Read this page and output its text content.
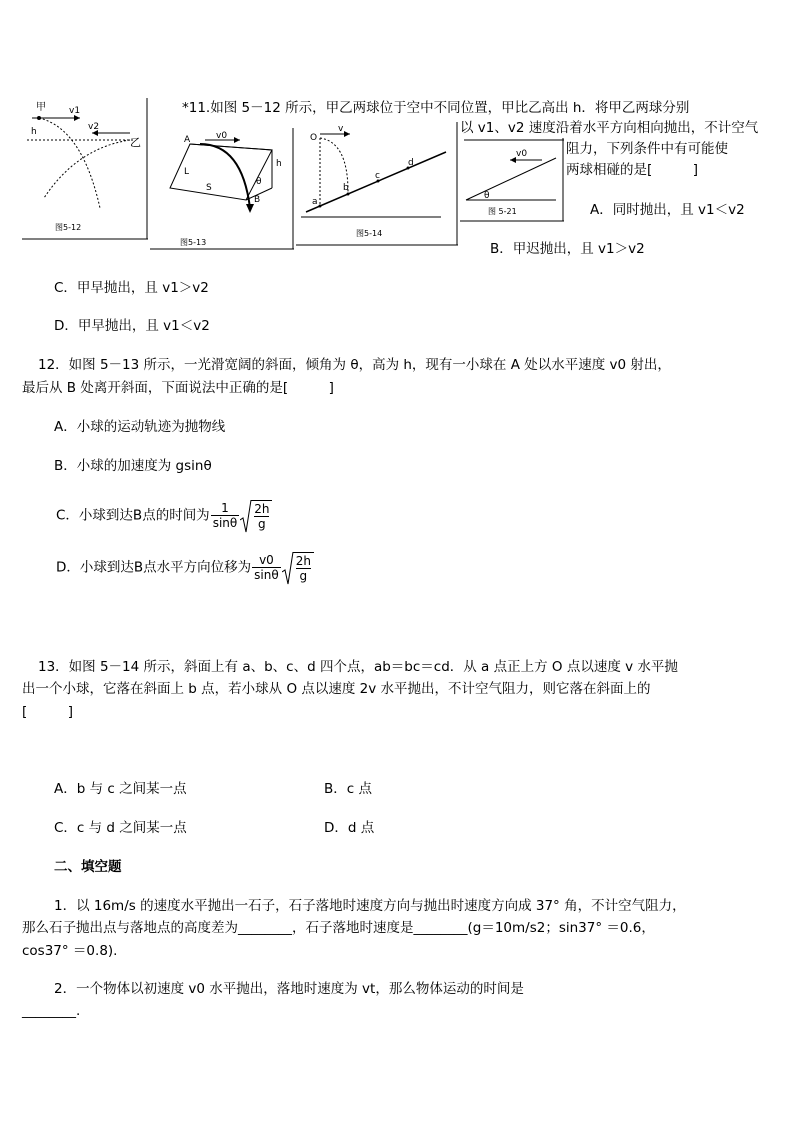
甲	v1
h	v2
乙
图5-12
A	v0
L
S
h
θ
B
图5-13
O
v
a
b
c
d
图5-14
v0
θ
图 5-21
*11.如图 5－12 所示，甲乙两球位于空中不同位置，甲比乙高出 h．将甲乙两球分别
以 v1、v2 速度沿着水平方向相向抛出，不计空气
阻力，下列条件中有可能使
两球相碰的是[　　　]
A．同时抛出，且 v1＜v2
B．甲迟抛出，且 v1＞v2
C．甲早抛出，且 v1＞v2
D．甲早抛出，且 v1＜v2
12．如图 5－13 所示，一光滑宽阔的斜面，倾角为 θ，高为 h，现有一小球在 A 处以水平速度 v0 射出，
最后从 B 处离开斜面，下面说法中正确的是[　　　]
A．小球的运动轨迹为抛物线
B．小球的加速度为 gsinθ
C．小球到达B点的时间为 $\frac{1}{\sin\theta} \frac{2h}{g}$
D．小球到达B点水平方向位移为 $\frac{v0}{\sin\theta} \frac{2h}{g}$
13．如图 5－14 所示，斜面上有 a、b、c、d 四个点，ab＝bc＝cd．从 a 点正上方 O 点以速度 v 水平抛
出一个小球，它落在斜面上 b 点，若小球从 O 点以速度 2v 水平抛出，不计空气阻力，则它落在斜面上的
[　　　]
A．b 与 c 之间某一点	B．c 点
C．c 与 d 之间某一点	D．d 点
二、填空题
1．以 16m/s 的速度水平抛出一石子，石子落地时速度方向与抛出时速度方向成 37° 角，不计空气阻力，
那么石子抛出点与落地点的高度差为________，石子落地时速度是________(g＝10m/s2；sin37° ＝0.6，
cos37° ＝0.8).
2．一个物体以初速度 v0 水平抛出，落地时速度为 vt，那么物体运动的时间是
________.
